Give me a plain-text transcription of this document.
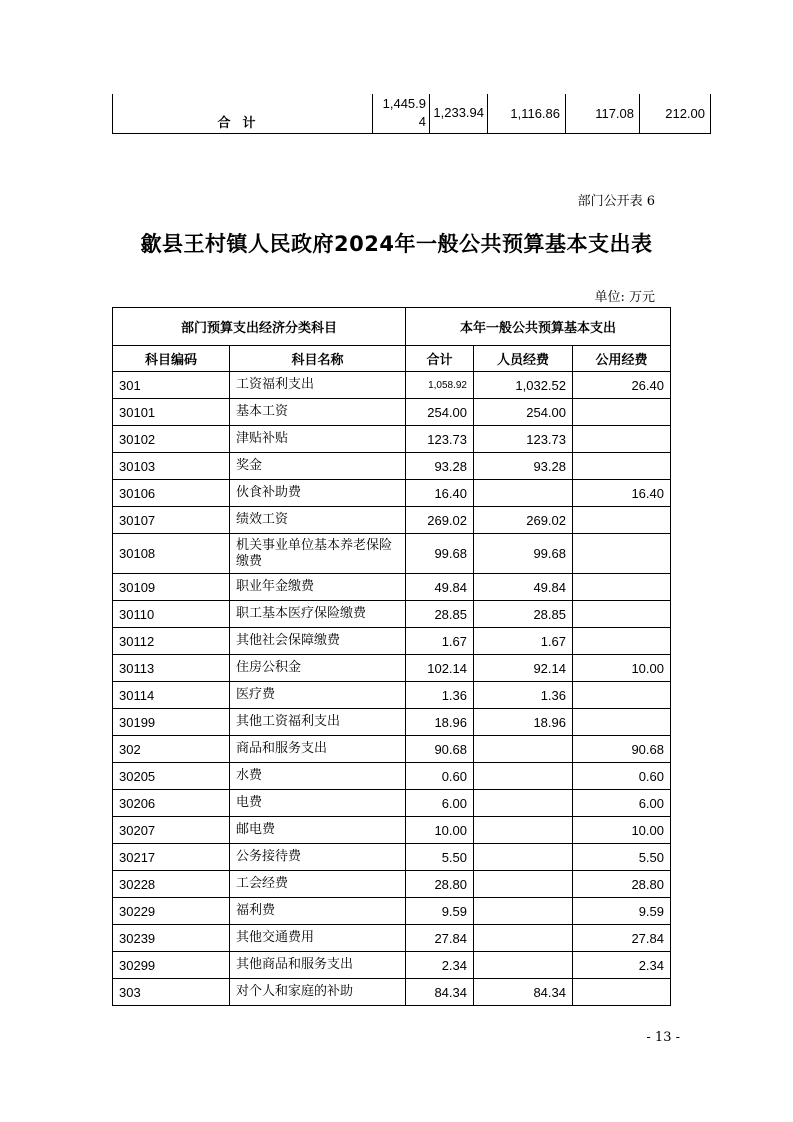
合计	1,445.94	1,233.94	1,116.86	117.08	212.00
部门公开表 6
歙县王村镇人民政府2024年一般公共预算基本支出表
单位: 万元
部门预算支出经济分类科目		本年一般公共预算基本支出		
科目编码	科目名称	合计	人员经费	公用经费
301	工资福利支出	1,058.92	1,032.52	26.40
30101	基本工资	254.00	254.00	
30102	津贴补贴	123.73	123.73	
30103	奖金	93.28	93.28	
30106	伙食补助费	16.40		16.40
30107	绩效工资	269.02	269.02	
30108	机关事业单位基本养老保险缴费	99.68	99.68	
30109	职业年金缴费	49.84	49.84	
30110	职工基本医疗保险缴费	28.85	28.85	
30112	其他社会保障缴费	1.67	1.67	
30113	住房公积金	102.14	92.14	10.00
30114	医疗费	1.36	1.36	
30199	其他工资福利支出	18.96	18.96	
302	商品和服务支出	90.68		90.68
30205	水费	0.60		0.60
30206	电费	6.00		6.00
30207	邮电费	10.00		10.00
30217	公务接待费	5.50		5.50
30228	工会经费	28.80		28.80
30229	福利费	9.59		9.59
30239	其他交通费用	27.84		27.84
30299	其他商品和服务支出	2.34		2.34
303	对个人和家庭的补助	84.34	84.34	
- 13 -
